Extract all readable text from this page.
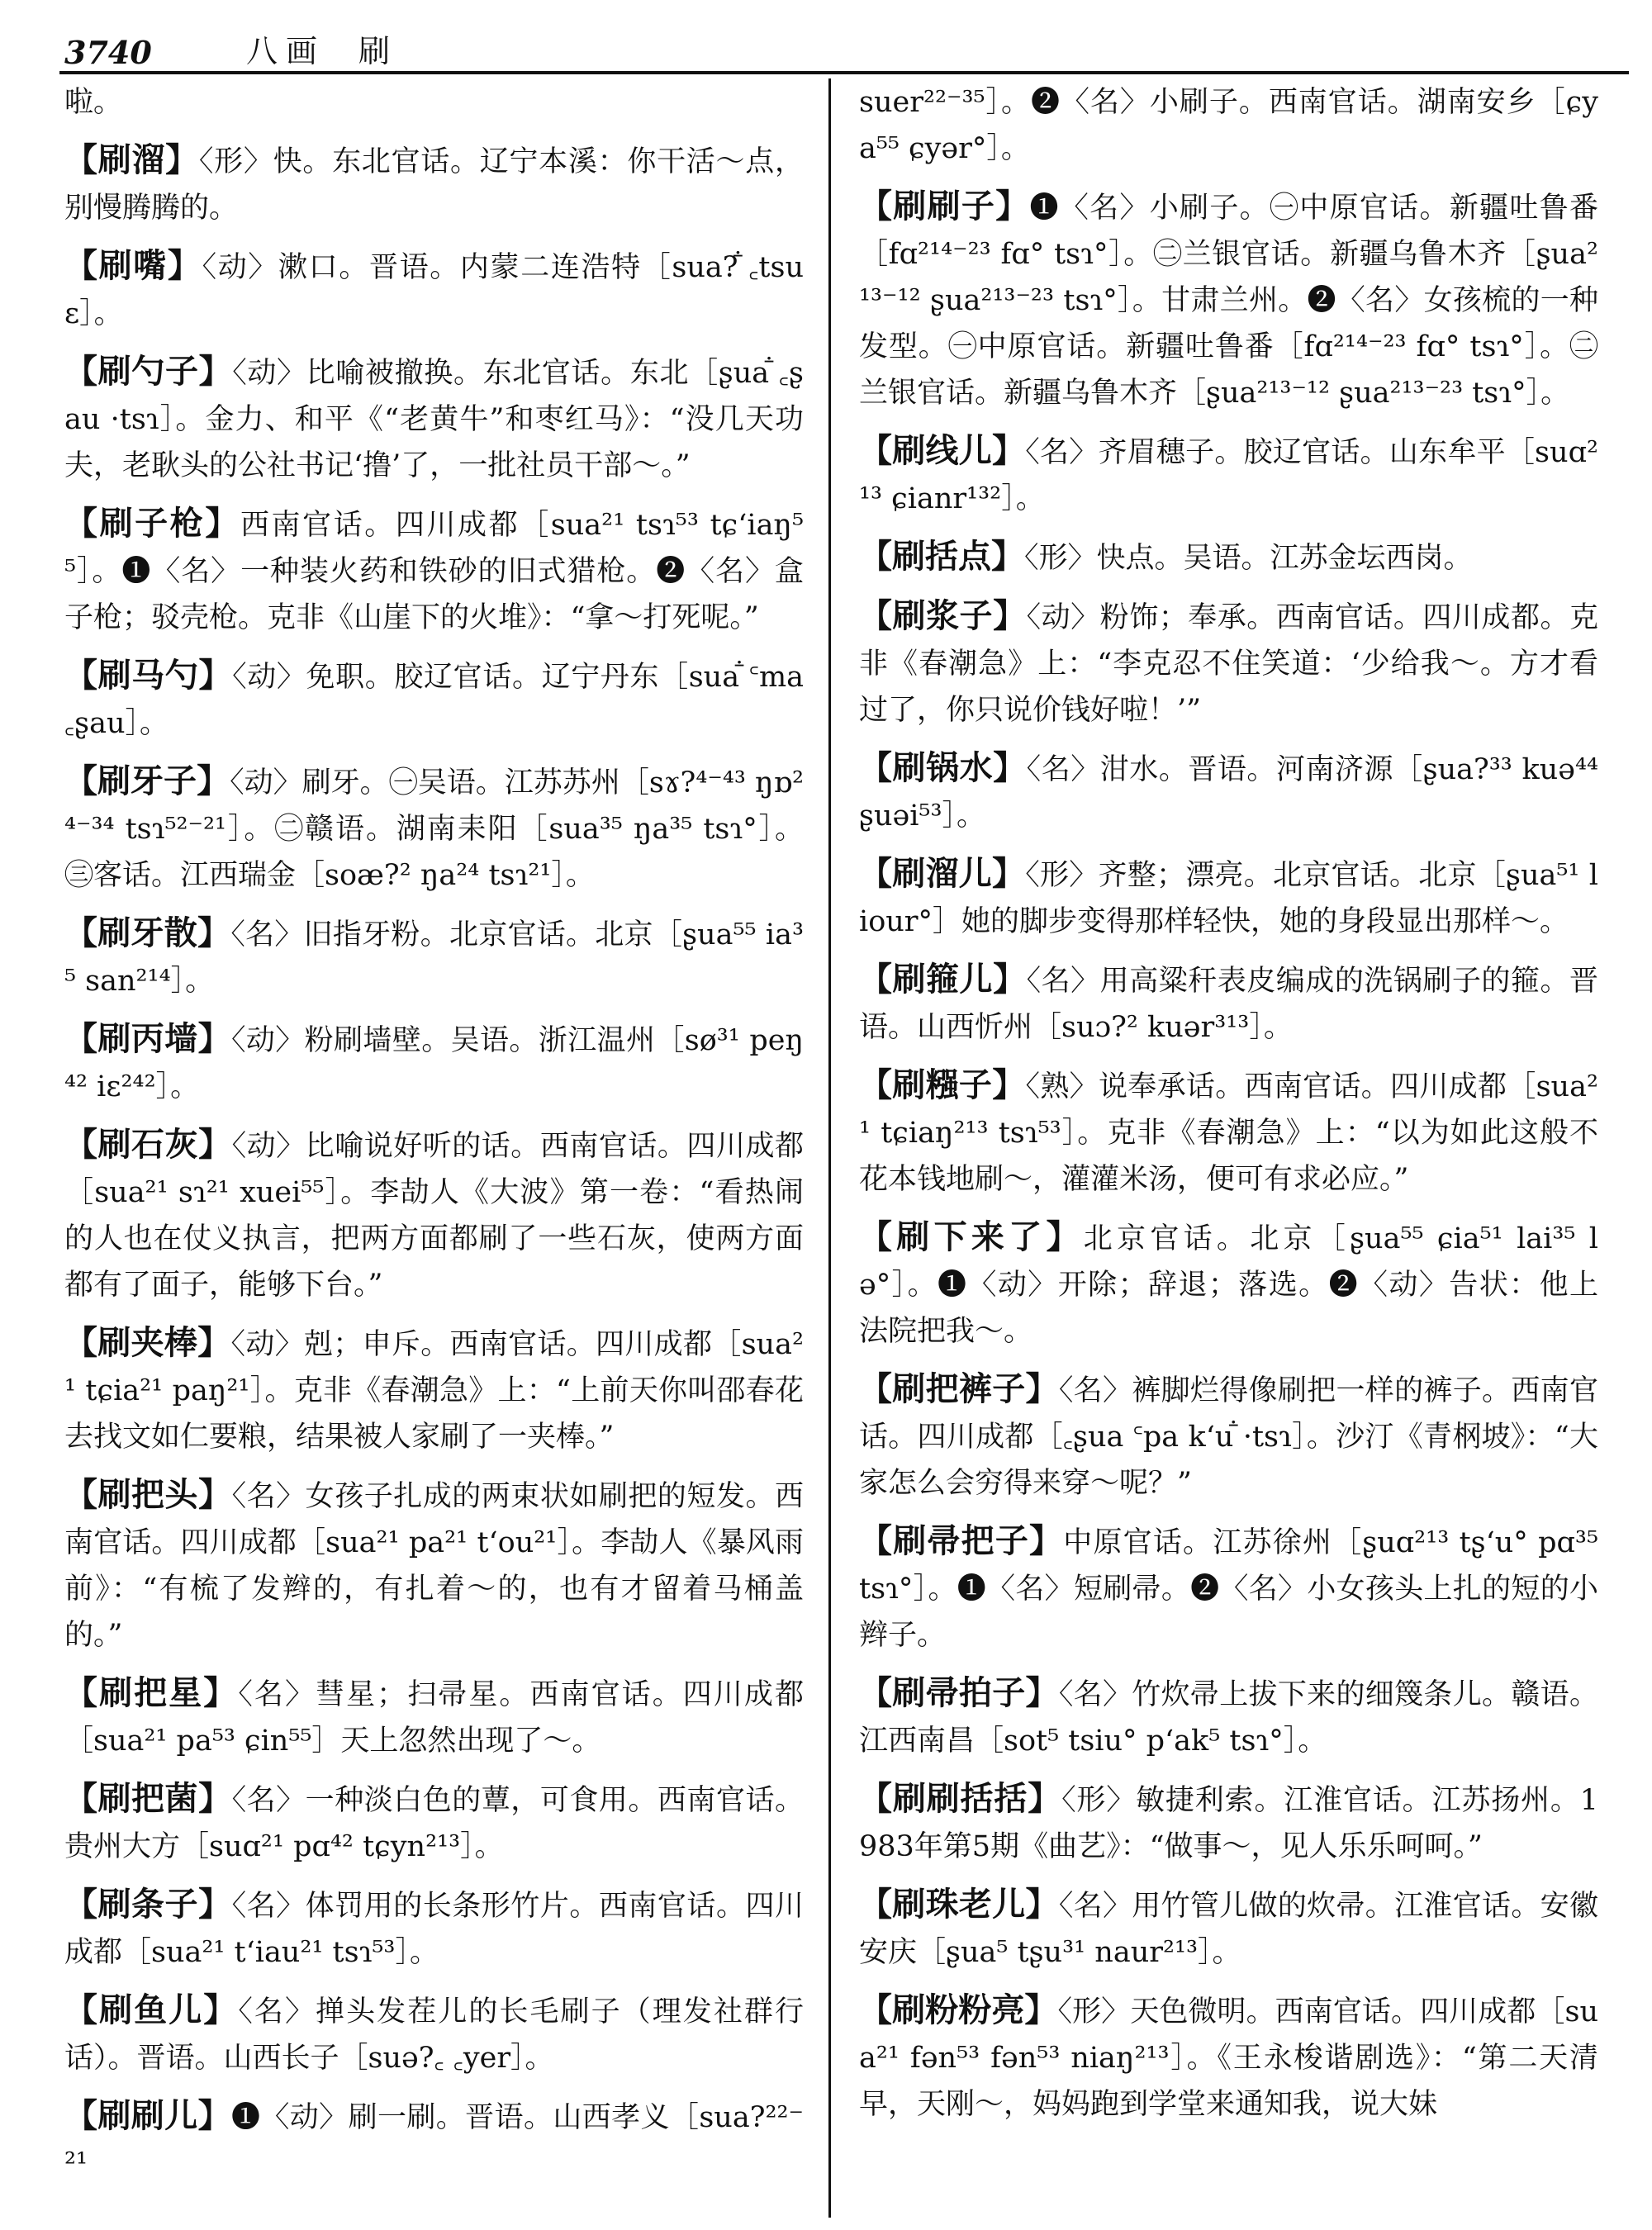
3740	八画 刷

啦。

【刷溜】〈形〉快。东北官话。辽宁本溪：你干活～点，别慢腾腾的。

【刷嘴】〈动〉漱口。晋语。内蒙二连浩特［sua?ꜙ ꜀tsuɛ］。

【刷勺子】〈动〉比喻被撤换。东北官话。东北［ʂuaꜙ ꜀ʂau ·tsɿ］。金力、和平《“老黄牛”和枣红马》：“没几天功夫，老耿头的公社书记‘撸’了，一批社员干部～。”

【刷子枪】西南官话。四川成都［sua²¹ tsɿ⁵³ tɕʻiaŋ⁵⁵］。❶〈名〉一种装火药和铁砂的旧式猎枪。❷〈名〉盒子枪；驳壳枪。克非《山崖下的火堆》：“拿～打死呢。”

【刷马勺】〈动〉免职。胶辽官话。辽宁丹东［suaꜙ ꜂ma ꜀ʂau］。

【刷牙子】〈动〉刷牙。㊀吴语。江苏苏州［sɤ?⁴⁻⁴³ ŋɒ²⁴⁻³⁴ tsɿ⁵²⁻²¹］。㊁赣语。湖南耒阳［sua³⁵ ŋa³⁵ tsɿ°］。㊂客话。江西瑞金［soæ?² ŋa²⁴ tsɿ²¹］。

【刷牙散】〈名〉旧指牙粉。北京官话。北京［ʂua⁵⁵ ia³⁵ san²¹⁴］。

【刷丙墙】〈动〉粉刷墙壁。吴语。浙江温州［sø³¹ peŋ⁴² iɛ²⁴²］。

【刷石灰】〈动〉比喻说好听的话。西南官话。四川成都［sua²¹ sɿ²¹ xuei⁵⁵］。李劼人《大波》第一卷：“看热闹的人也在仗义执言，把两方面都刷了一些石灰，使两方面都有了面子，能够下台。”

【刷夹棒】〈动〉剋；申斥。西南官话。四川成都［sua²¹ tɕia²¹ paŋ²¹］。克非《春潮急》上：“上前天你叫邵春花去找文如仁要粮，结果被人家刷了一夹棒。”

【刷把头】〈名〉女孩子扎成的两束状如刷把的短发。西南官话。四川成都［sua²¹ pa²¹ tʻou²¹］。李劼人《暴风雨前》：“有梳了发辫的，有扎着～的，也有才留着马桶盖的。”

【刷把星】〈名〉彗星；扫帚星。西南官话。四川成都［sua²¹ pa⁵³ ɕin⁵⁵］天上忽然出现了～。

【刷把菌】〈名〉一种淡白色的蕈，可食用。西南官话。贵州大方［suɑ²¹ pɑ⁴² tɕyn²¹³］。

【刷条子】〈名〉体罚用的长条形竹片。西南官话。四川成都［sua²¹ tʻiau²¹ tsɿ⁵³］。

【刷鱼儿】〈名〉掸头发茬儿的长毛刷子（理发社群行话）。晋语。山西长子［suə?꜀ ꜀yer］。

【刷刷儿】❶〈动〉刷一刷。晋语。山西孝义［sua?²²⁻²¹

suer²²⁻³⁵］。❷〈名〉小刷子。西南官话。湖南安乡［ɕya⁵⁵ ɕyər°］。

【刷刷子】❶〈名〉小刷子。㊀中原官话。新疆吐鲁番［fɑ²¹⁴⁻²³ fɑ° tsɿ°］。㊁兰银官话。新疆乌鲁木齐［ʂua²¹³⁻¹² ʂua²¹³⁻²³ tsɿ°］。甘肃兰州。❷〈名〉女孩梳的一种发型。㊀中原官话。新疆吐鲁番［fɑ²¹⁴⁻²³ fɑ° tsɿ°］。㊁兰银官话。新疆乌鲁木齐［ʂua²¹³⁻¹² ʂua²¹³⁻²³ tsɿ°］。

【刷线儿】〈名〉齐眉穗子。胶辽官话。山东牟平［suɑ²¹³ ɕianr¹³²］。

【刷括点】〈形〉快点。吴语。江苏金坛西岗。

【刷浆子】〈动〉粉饰；奉承。西南官话。四川成都。克非《春潮急》上：“李克忍不住笑道：‘少给我～。方才看过了，你只说价钱好啦！’”

【刷锅水】〈名〉泔水。晋语。河南济源［ʂua?³³ kuə⁴⁴ ʂuəi⁵³］。

【刷溜儿】〈形〉齐整；漂亮。北京官话。北京［ʂua⁵¹ liour°］她的脚步变得那样轻快，她的身段显出那样～。

【刷箍儿】〈名〉用高粱秆表皮编成的洗锅刷子的箍。晋语。山西忻州［suɔ?² kuər³¹³］。

【刷糨子】〈熟〉说奉承话。西南官话。四川成都［sua²¹ tɕiaŋ²¹³ tsɿ⁵³］。克非《春潮急》上：“以为如此这般不花本钱地刷～，灌灌米汤，便可有求必应。”

【刷下来了】北京官话。北京［ʂua⁵⁵ ɕia⁵¹ lai³⁵ lə°］。❶〈动〉开除；辞退；落选。❷〈动〉告状：他上法院把我～。

【刷把裤子】〈名〉裤脚烂得像刷把一样的裤子。西南官话。四川成都［꜀ʂua ꜂pa kʻuꜙ ·tsɿ］。沙汀《青㭎坡》：“大家怎么会穷得来穿～呢？”

【刷帚把子】中原官话。江苏徐州［ʂuɑ²¹³ tʂʻu° pɑ³⁵ tsɿ°］。❶〈名〉短刷帚。❷〈名〉小女孩头上扎的短的小辫子。

【刷帚拍子】〈名〉竹炊帚上拔下来的细篾条儿。赣语。江西南昌［sot⁵ tsiu° pʻak⁵ tsɿ°］。

【刷刷括括】〈形〉敏捷利索。江淮官话。江苏扬州。1983年第5期《曲艺》：“做事～，见人乐乐呵呵。”

【刷珠老儿】〈名〉用竹管儿做的炊帚。江淮官话。安徽安庆［ʂua⁵ tʂu³¹ naur²¹³］。

【刷粉粉亮】〈形〉天色微明。西南官话。四川成都［sua²¹ fən⁵³ fən⁵³ niaŋ²¹³］。《王永梭谐剧选》：“第二天清早，天刚～，妈妈跑到学堂来通知我，说大妹
